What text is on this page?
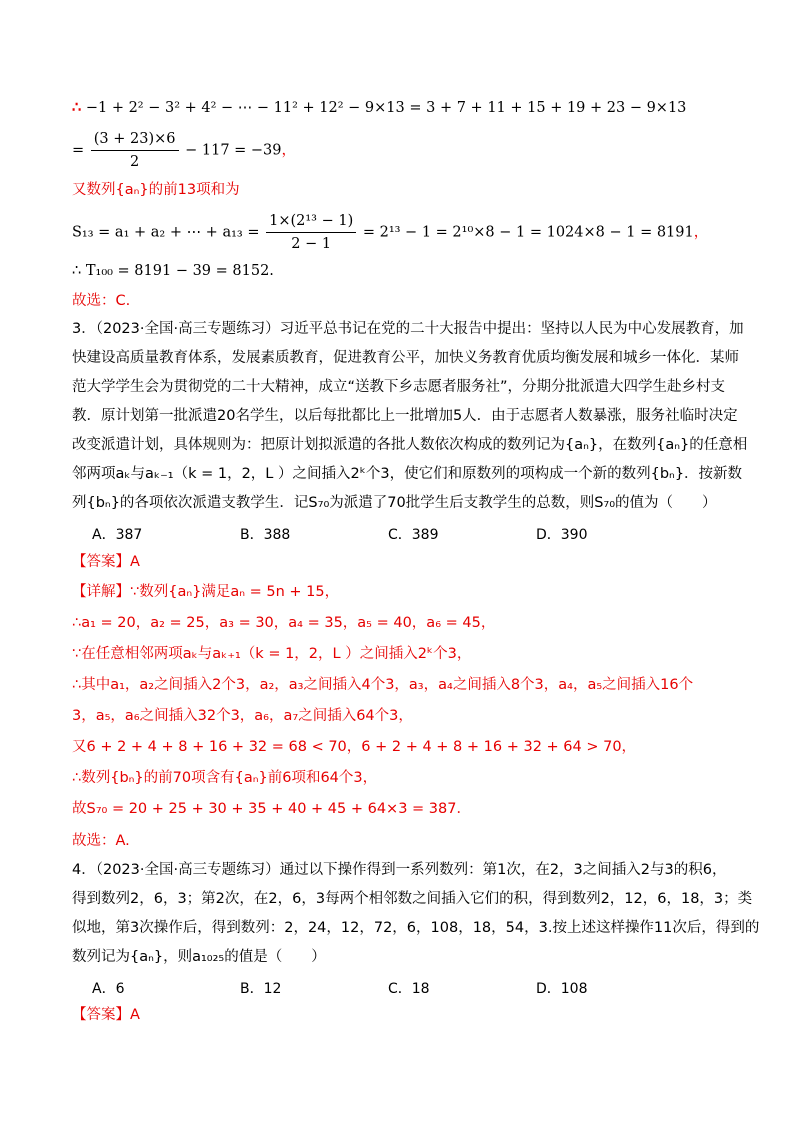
∴ −1 + 2² − 3² + 4² − ⋯ − 11² + 12² − 9×13 = 3 + 7 + 11 + 15 + 19 + 23 − 9×13
= $\frac{(3 + 23)\times 6}{2} - 117 = -39$，
又数列{aₙ}的前13项和为
S₁₃ = a₁ + a₂ + ⋯ + $a_{13} = \frac{\text{1×(2¹³ − 1)}}{2 - 1} = 2^{13} - 1 = 2^{10}\times 8 - 1 = 1024\times 8 - 1 = 8191$，
∴ T₁₀₀ = 8191 − 39 = 8152.
故选：C.
3．（2023·全国·高三专题练习）习近平总书记在党的二十大报告中提出：坚持以人民为中心发展教育，加
快建设高质量教育体系，发展素质教育，促进教育公平，加快义务教育优质均衡发展和城乡一体化．某师
范大学学生会为贯彻党的二十大精神，成立“送教下乡志愿者服务社”，分期分批派遣大四学生赴乡村支
教．原计划第一批派遣20名学生，以后每批都比上一批增加5人．由于志愿者人数暴涨，服务社临时决定
改变派遣计划，具体规则为：把原计划拟派遣的各批人数依次构成的数列记为{aₙ}，在数列{aₙ}的任意相
邻两项aₖ与aₖ₋₁（k = 1，2，L ）之间插入2ᵏ个3，使它们和原数列的项构成一个新的数列{bₙ}．按新数
列{bₙ}的各项依次派遣支教学生．记S₇₀为派遣了70批学生后支教学生的总数，则S₇₀的值为（　　）
A．387	B．388	C．389	D．390
【答案】A
【详解】∵数列{aₙ}满足aₙ = 5n + 15，
∴a₁ = 20，a₂ = 25，a₃ = 30，a₄ = 35，a₅ = 40，a₆ = 45，
∵在任意相邻两项aₖ与aₖ₊₁（k = 1，2，L ）之间插入2ᵏ个3，
∴其中a₁，a₂之间插入2个3，a₂，a₃之间插入4个3，a₃，a₄之间插入8个3，a₄，a₅之间插入16个
3，a₅，a₆之间插入32个3，a₆，a₇之间插入64个3，
又6 + 2 + 4 + 8 + 16 + 32 = 68 < 70，6 + 2 + 4 + 8 + 16 + 32 + 64 > 70，
∴数列{bₙ}的前70项含有{aₙ}前6项和64个3，
故S₇₀ = 20 + 25 + 30 + 35 + 40 + 45 + 64×3 = 387．
故选：A.
4．（2023·全国·高三专题练习）通过以下操作得到一系列数列：第1次，在2，3之间插入2与3的积6，
得到数列2，6，3；第2次，在2，6，3每两个相邻数之间插入它们的积，得到数列2，12，6，18，3；类
似地，第3次操作后，得到数列：2，24，12，72，6，108，18，54，3.按上述这样操作11次后，得到的
数列记为{aₙ}，则a₁₀₂₅的值是（　　）
A．6	B．12	C．18	D．108
【答案】A
